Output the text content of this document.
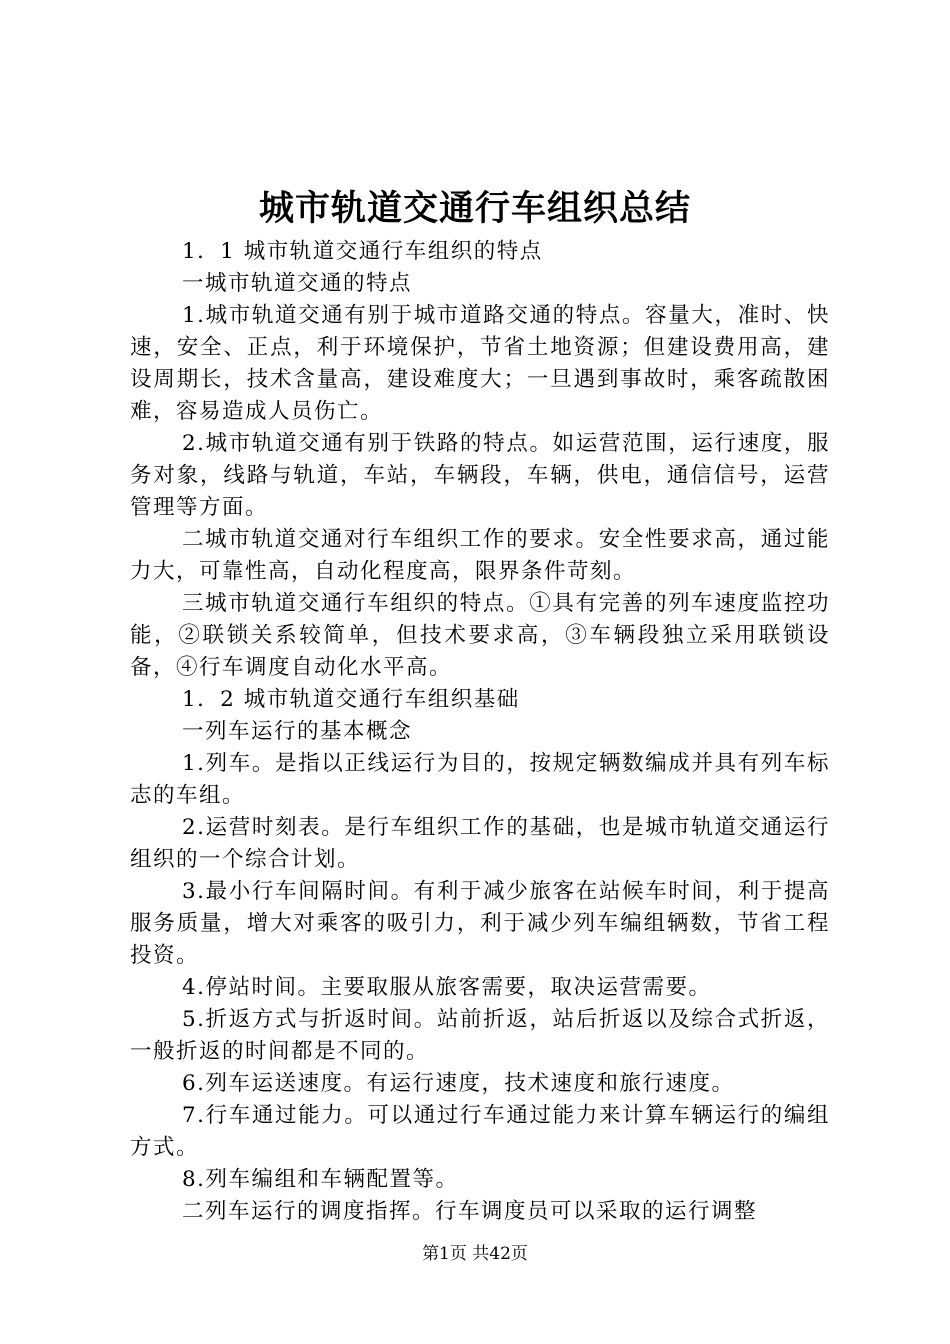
城市轨道交通行车组织总结

1．1 城市轨道交通行车组织的特点

一城市轨道交通的特点

1.城市轨道交通有别于城市道路交通的特点。容量大，准时、快速，安全、正点，利于环境保护，节省土地资源；但建设费用高，建设周期长，技术含量高，建设难度大；一旦遇到事故时，乘客疏散困难，容易造成人员伤亡。

2.城市轨道交通有别于铁路的特点。如运营范围，运行速度，服务对象，线路与轨道，车站，车辆段，车辆，供电，通信信号，运营管理等方面。

二城市轨道交通对行车组织工作的要求。安全性要求高，通过能力大，可靠性高，自动化程度高，限界条件苛刻。

三城市轨道交通行车组织的特点。①具有完善的列车速度监控功能，②联锁关系较简单，但技术要求高，③车辆段独立采用联锁设备，④行车调度自动化水平高。

1．2 城市轨道交通行车组织基础

一列车运行的基本概念

1.列车。是指以正线运行为目的，按规定辆数编成并具有列车标志的车组。

2.运营时刻表。是行车组织工作的基础，也是城市轨道交通运行组织的一个综合计划。

3.最小行车间隔时间。有利于减少旅客在站候车时间，利于提高服务质量，增大对乘客的吸引力，利于减少列车编组辆数，节省工程投资。

4.停站时间。主要取服从旅客需要，取决运营需要。

5.折返方式与折返时间。站前折返，站后折返以及综合式折返，一般折返的时间都是不同的。

6.列车运送速度。有运行速度，技术速度和旅行速度。

7.行车通过能力。可以通过行车通过能力来计算车辆运行的编组方式。

8.列车编组和车辆配置等。

二列车运行的调度指挥。行车调度员可以采取的运行调整

第1页 共42页
